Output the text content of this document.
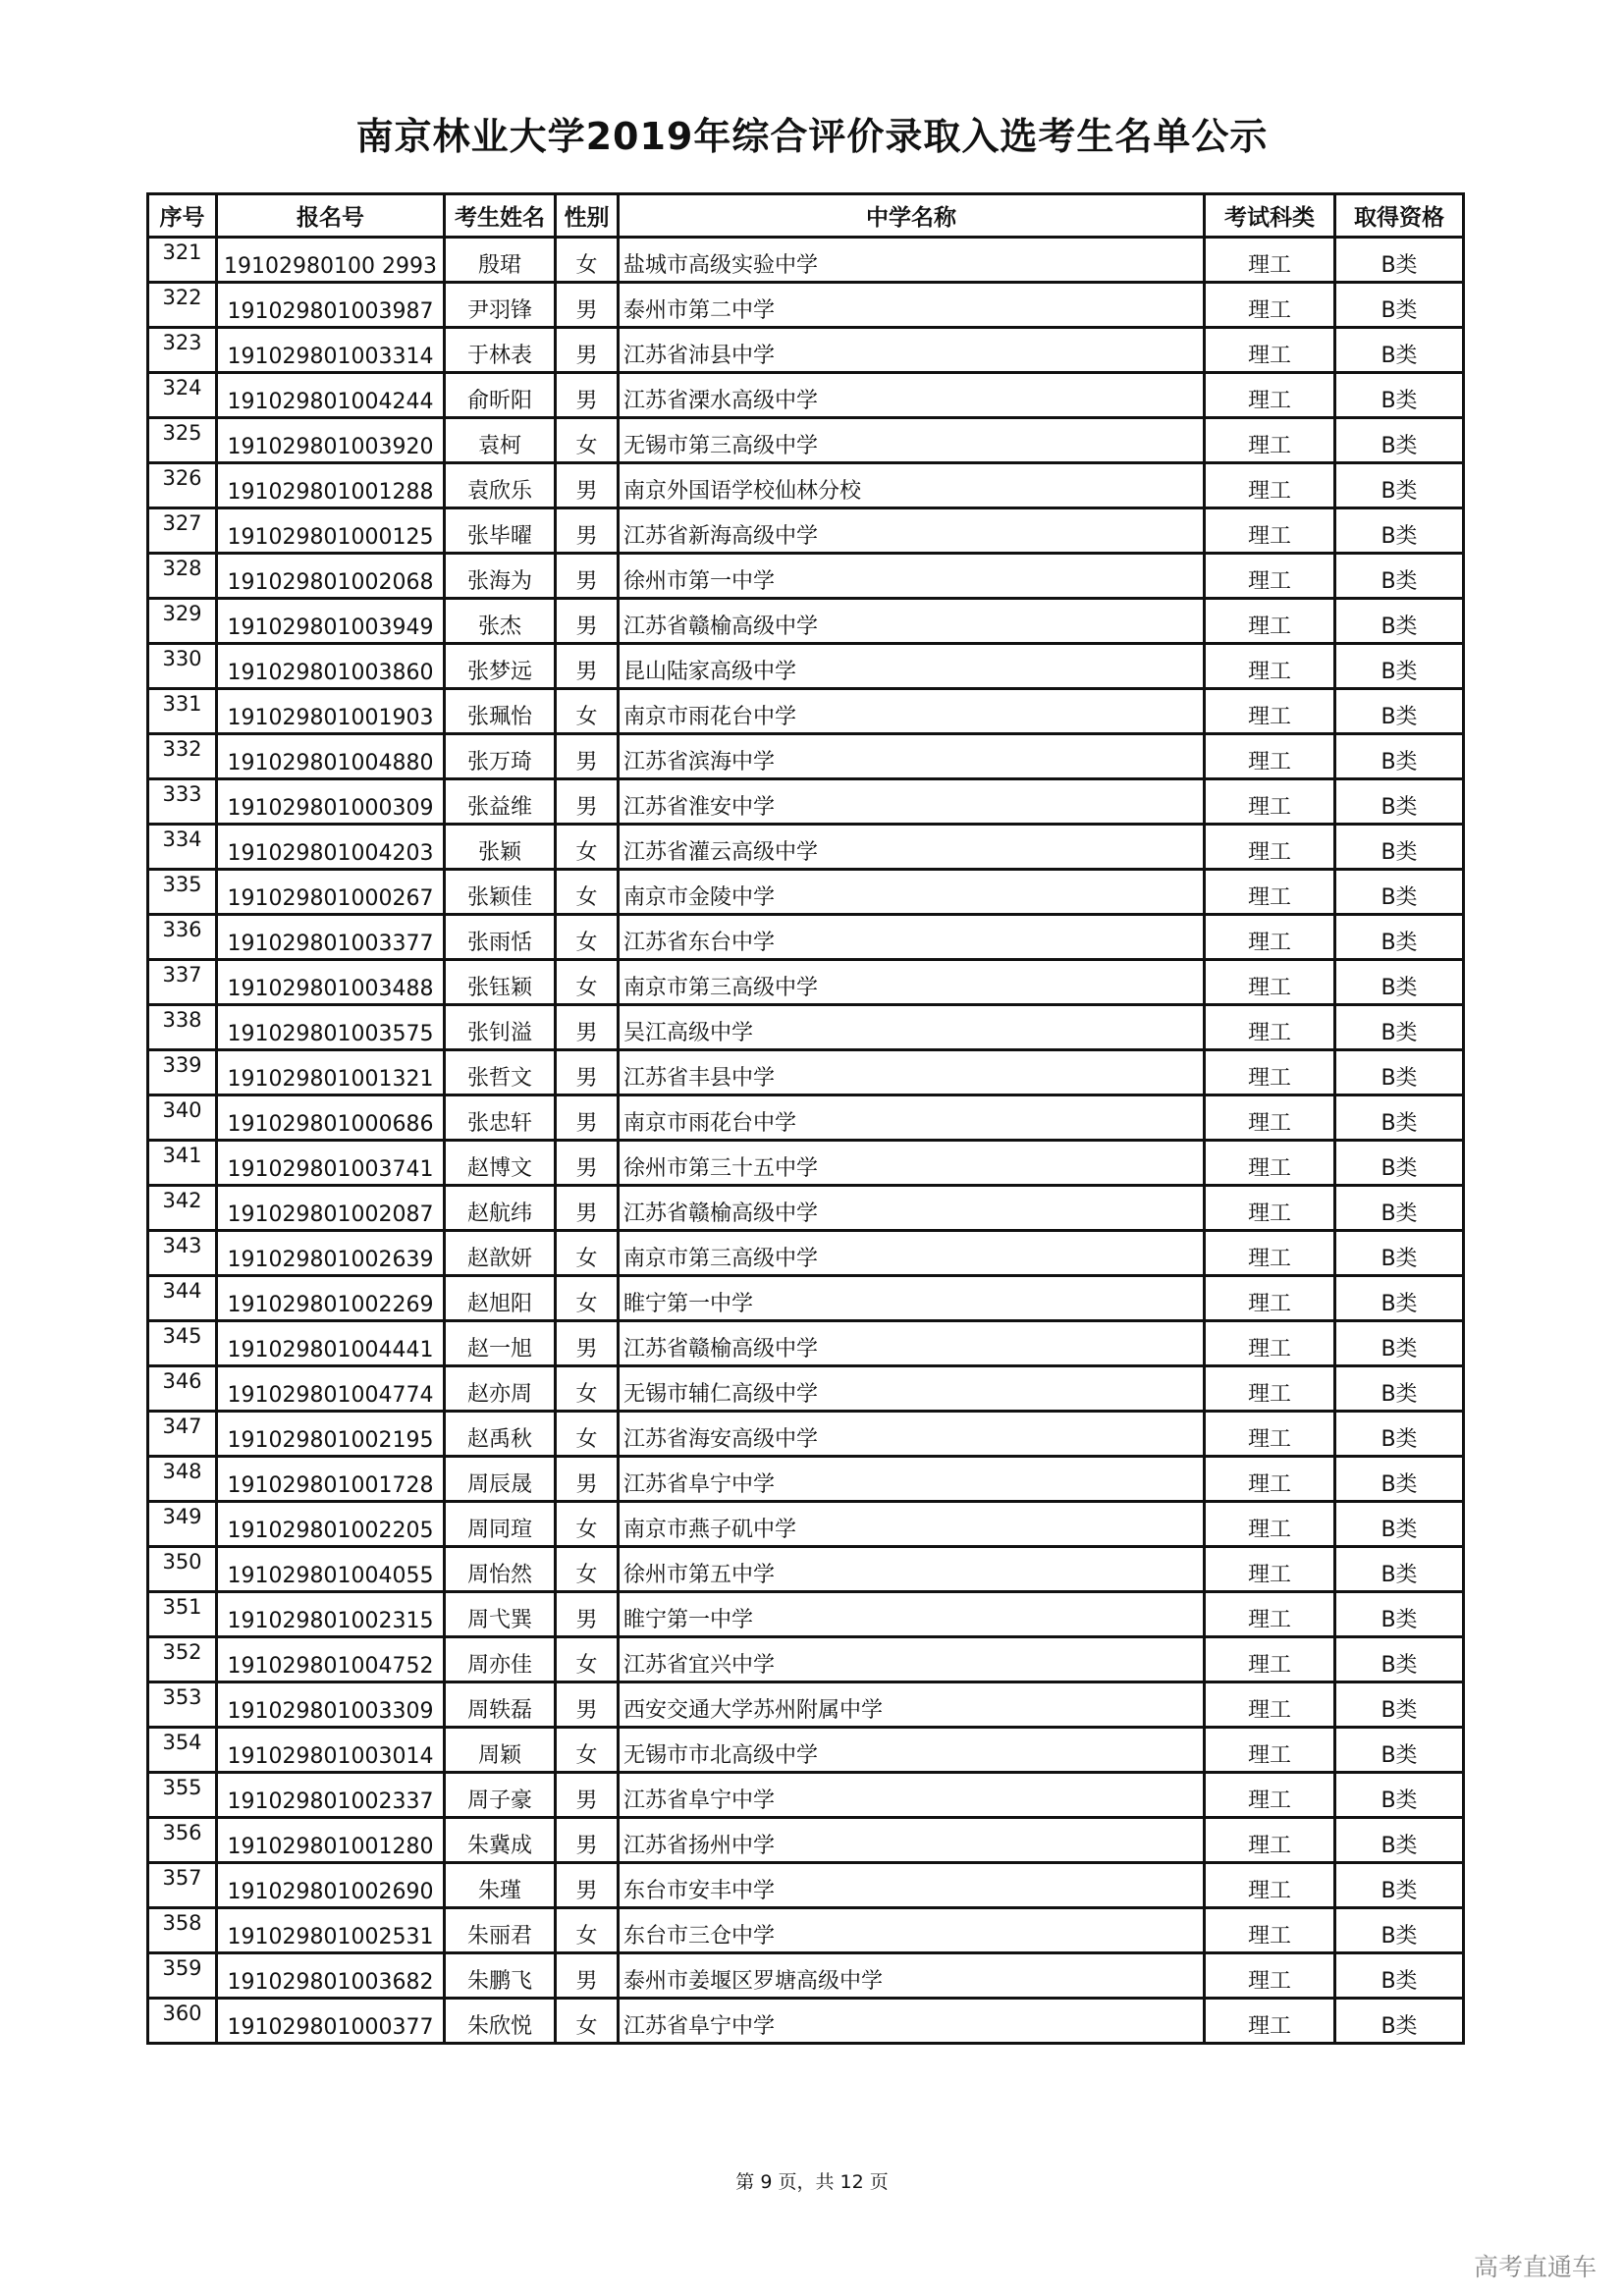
南京林业大学2019年综合评价录取入选考生名单公示
序号	报名号	考生姓名	性别	中学名称	考试科类	取得资格
321	19102980100 2993	殷珺	女	盐城市高级实验中学	理工	B类
322	191029801003987	尹羽锋	男	泰州市第二中学	理工	B类
323	191029801003314	于林表	男	江苏省沛县中学	理工	B类
324	191029801004244	俞昕阳	男	江苏省溧水高级中学	理工	B类
325	191029801003920	袁柯	女	无锡市第三高级中学	理工	B类
326	191029801001288	袁欣乐	男	南京外国语学校仙林分校	理工	B类
327	191029801000125	张毕曜	男	江苏省新海高级中学	理工	B类
328	191029801002068	张海为	男	徐州市第一中学	理工	B类
329	191029801003949	张杰	男	江苏省赣榆高级中学	理工	B类
330	191029801003860	张梦远	男	昆山陆家高级中学	理工	B类
331	191029801001903	张珮怡	女	南京市雨花台中学	理工	B类
332	191029801004880	张万琦	男	江苏省滨海中学	理工	B类
333	191029801000309	张益维	男	江苏省淮安中学	理工	B类
334	191029801004203	张颖	女	江苏省灌云高级中学	理工	B类
335	191029801000267	张颖佳	女	南京市金陵中学	理工	B类
336	191029801003377	张雨恬	女	江苏省东台中学	理工	B类
337	191029801003488	张钰颖	女	南京市第三高级中学	理工	B类
338	191029801003575	张钊溢	男	吴江高级中学	理工	B类
339	191029801001321	张哲文	男	江苏省丰县中学	理工	B类
340	191029801000686	张忠轩	男	南京市雨花台中学	理工	B类
341	191029801003741	赵博文	男	徐州市第三十五中学	理工	B类
342	191029801002087	赵航纬	男	江苏省赣榆高级中学	理工	B类
343	191029801002639	赵歆妍	女	南京市第三高级中学	理工	B类
344	191029801002269	赵旭阳	女	睢宁第一中学	理工	B类
345	191029801004441	赵一旭	男	江苏省赣榆高级中学	理工	B类
346	191029801004774	赵亦周	女	无锡市辅仁高级中学	理工	B类
347	191029801002195	赵禹秋	女	江苏省海安高级中学	理工	B类
348	191029801001728	周辰晟	男	江苏省阜宁中学	理工	B类
349	191029801002205	周同瑄	女	南京市燕子矶中学	理工	B类
350	191029801004055	周怡然	女	徐州市第五中学	理工	B类
351	191029801002315	周弋巽	男	睢宁第一中学	理工	B类
352	191029801004752	周亦佳	女	江苏省宜兴中学	理工	B类
353	191029801003309	周轶磊	男	西安交通大学苏州附属中学	理工	B类
354	191029801003014	周颖	女	无锡市市北高级中学	理工	B类
355	191029801002337	周子豪	男	江苏省阜宁中学	理工	B类
356	191029801001280	朱冀成	男	江苏省扬州中学	理工	B类
357	191029801002690	朱瑾	男	东台市安丰中学	理工	B类
358	191029801002531	朱丽君	女	东台市三仓中学	理工	B类
359	191029801003682	朱鹏飞	男	泰州市姜堰区罗塘高级中学	理工	B类
360	191029801000377	朱欣悦	女	江苏省阜宁中学	理工	B类
第 9 页，共 12 页
高考直通车
